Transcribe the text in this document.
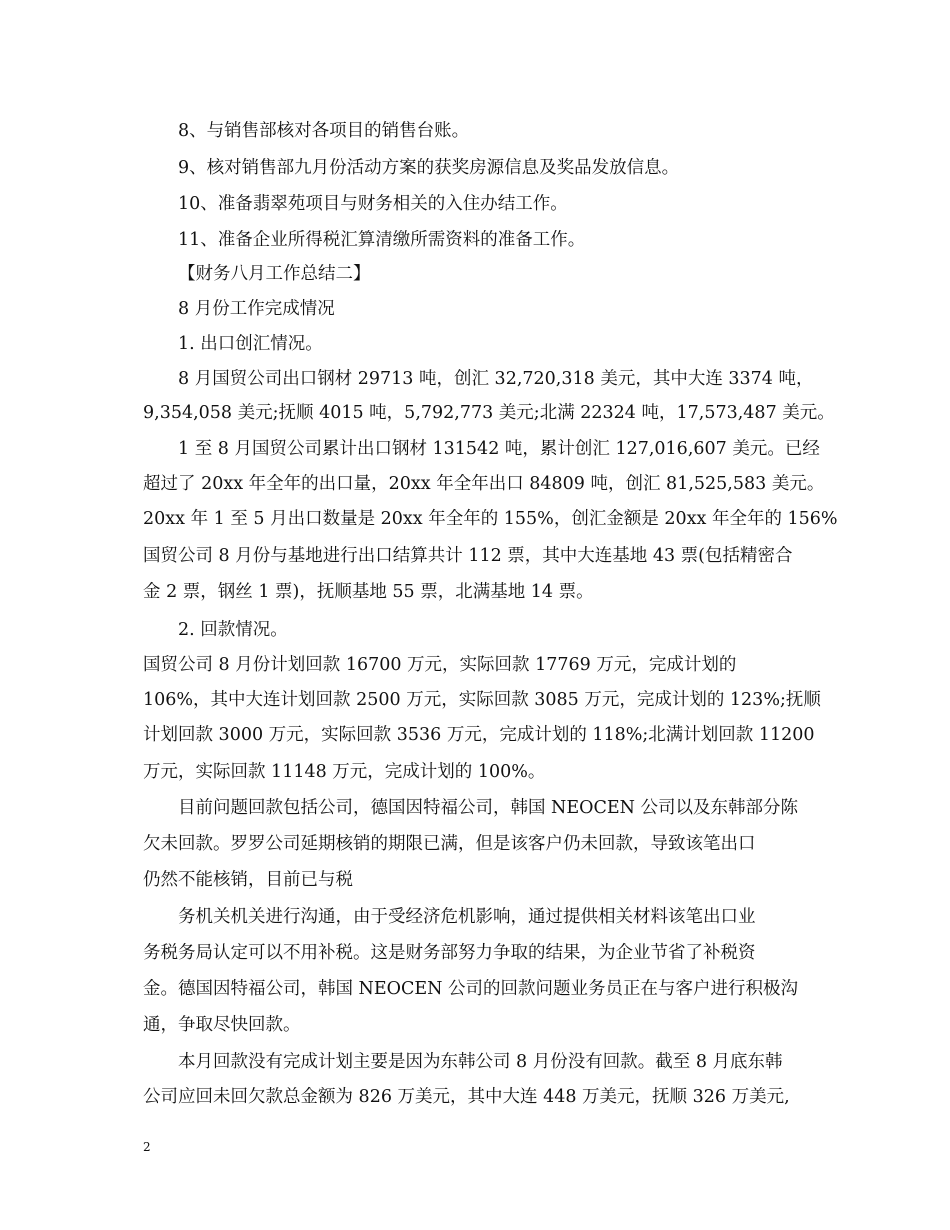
8、与销售部核对各项目的销售台账。
9、核对销售部九月份活动方案的获奖房源信息及奖品发放信息。
10、准备翡翠苑项目与财务相关的入住办结工作。
11、准备企业所得税汇算清缴所需资料的准备工作。
【财务八月工作总结二】
8 月份工作完成情况
1. 出口创汇情况。
8 月国贸公司出口钢材 29713 吨，创汇 32,720,318 美元，其中大连 3374 吨，
9,354,058 美元;抚顺 4015 吨，5,792,773 美元;北满 22324 吨，17,573,487 美元。
1 至 8 月国贸公司累计出口钢材 131542 吨，累计创汇 127,016,607 美元。已经
超过了 20xx 年全年的出口量，20xx 年全年出口 84809 吨，创汇 81,525,583 美元。
20xx 年 1 至 5 月出口数量是 20xx 年全年的 155%，创汇金额是 20xx 年全年的 156%
国贸公司 8 月份与基地进行出口结算共计 112 票，其中大连基地 43 票(包括精密合
金 2 票，钢丝 1 票)，抚顺基地 55 票，北满基地 14 票。
2. 回款情况。
国贸公司 8 月份计划回款 16700 万元，实际回款 17769 万元，完成计划的
106%，其中大连计划回款 2500 万元，实际回款 3085 万元，完成计划的 123%;抚顺
计划回款 3000 万元，实际回款 3536 万元，完成计划的 118%;北满计划回款 11200
万元，实际回款 11148 万元，完成计划的 100%。
目前问题回款包括公司，德国因特福公司，韩国 NEOCEN 公司以及东韩部分陈
欠未回款。罗罗公司延期核销的期限已满，但是该客户仍未回款，导致该笔出口
仍然不能核销，目前已与税
务机关机关进行沟通，由于受经济危机影响，通过提供相关材料该笔出口业
务税务局认定可以不用补税。这是财务部努力争取的结果，为企业节省了补税资
金。德国因特福公司，韩国 NEOCEN 公司的回款问题业务员正在与客户进行积极沟
通，争取尽快回款。
本月回款没有完成计划主要是因为东韩公司 8 月份没有回款。截至 8 月底东韩
公司应回未回欠款总金额为 826 万美元，其中大连 448 万美元，抚顺 326 万美元,
2
